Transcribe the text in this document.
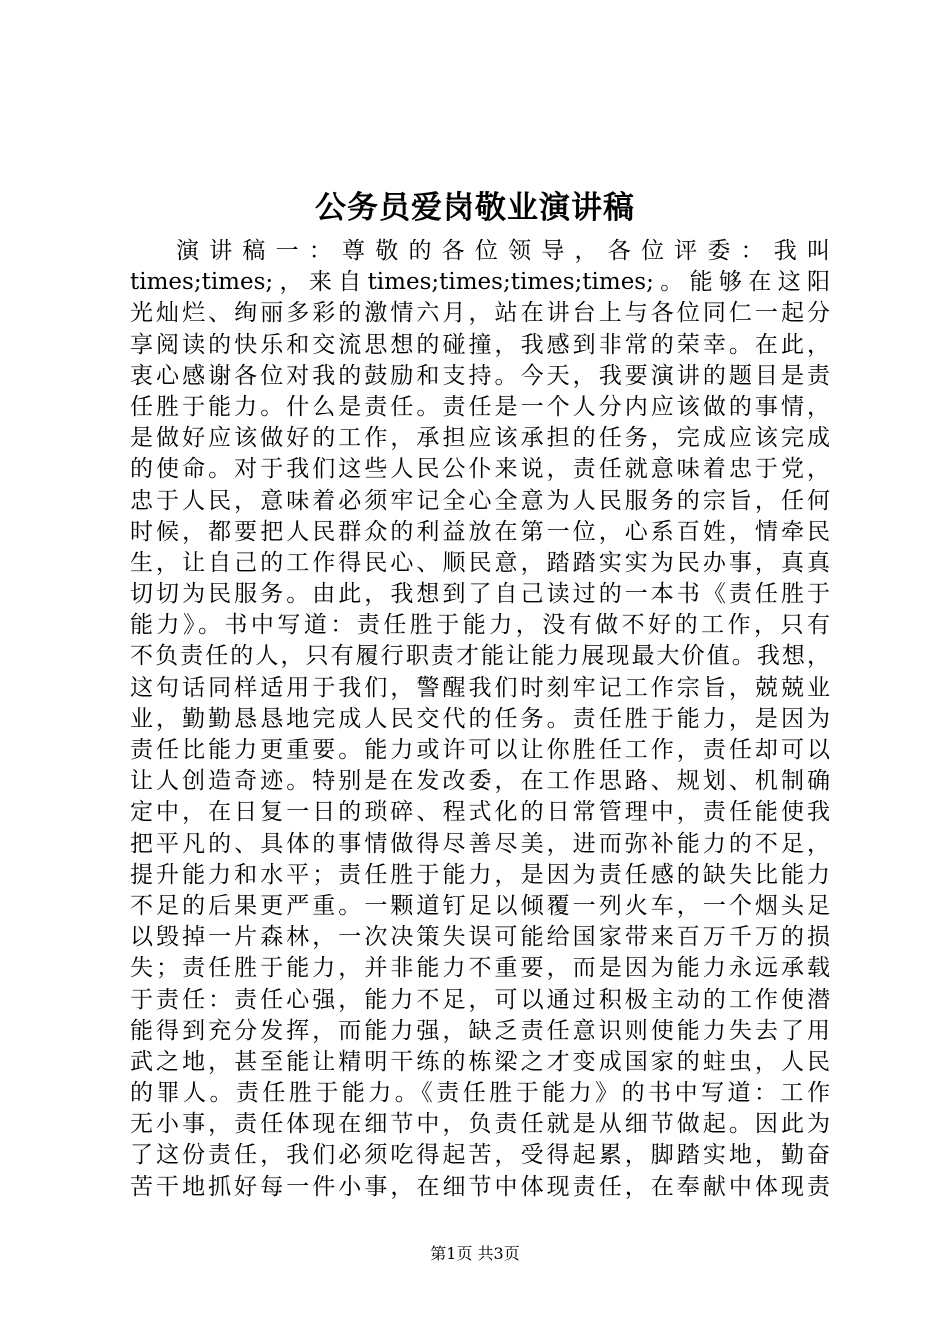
公务员爱岗敬业演讲稿
演讲稿一：尊敬的各位领导，各位评委：我叫
times;times;，来自times;times;times;times;。能够在这阳
光灿烂、绚丽多彩的激情六月，站在讲台上与各位同仁一起分
享阅读的快乐和交流思想的碰撞，我感到非常的荣幸。在此，
衷心感谢各位对我的鼓励和支持。今天，我要演讲的题目是责
任胜于能力。什么是责任。责任是一个人分内应该做的事情，
是做好应该做好的工作，承担应该承担的任务，完成应该完成
的使命。对于我们这些人民公仆来说，责任就意味着忠于党，
忠于人民，意味着必须牢记全心全意为人民服务的宗旨，任何
时候，都要把人民群众的利益放在第一位，心系百姓，情牵民
生，让自己的工作得民心、顺民意，踏踏实实为民办事，真真
切切为民服务。由此，我想到了自己读过的一本书《责任胜于
能力》。书中写道：责任胜于能力，没有做不好的工作，只有
不负责任的人，只有履行职责才能让能力展现最大价值。我想，
这句话同样适用于我们，警醒我们时刻牢记工作宗旨，兢兢业
业，勤勤恳恳地完成人民交代的任务。责任胜于能力，是因为
责任比能力更重要。能力或许可以让你胜任工作，责任却可以
让人创造奇迹。特别是在发改委，在工作思路、规划、机制确
定中，在日复一日的琐碎、程式化的日常管理中，责任能使我
把平凡的、具体的事情做得尽善尽美，进而弥补能力的不足，
提升能力和水平；责任胜于能力，是因为责任感的缺失比能力
不足的后果更严重。一颗道钉足以倾覆一列火车，一个烟头足
以毁掉一片森林，一次决策失误可能给国家带来百万千万的损
失；责任胜于能力，并非能力不重要，而是因为能力永远承载
于责任：责任心强，能力不足，可以通过积极主动的工作使潜
能得到充分发挥，而能力强，缺乏责任意识则使能力失去了用
武之地，甚至能让精明干练的栋梁之才变成国家的蛀虫，人民
的罪人。责任胜于能力。《责任胜于能力》的书中写道：工作
无小事，责任体现在细节中，负责任就是从细节做起。因此为
了这份责任，我们必须吃得起苦，受得起累，脚踏实地，勤奋
苦干地抓好每一件小事，在细节中体现责任，在奉献中体现责
第1页 共3页
